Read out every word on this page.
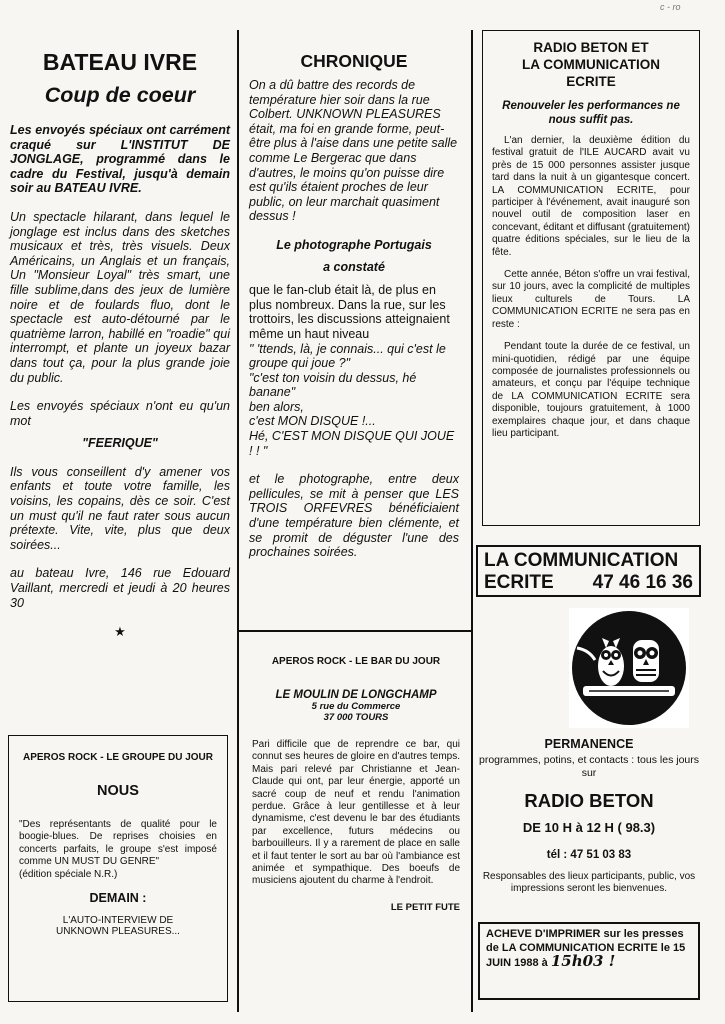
c - ro
BATEAU IVRE
Coup de coeur

Les envoyés spéciaux ont carrément craqué sur L'INSTITUT DE JONGLAGE, programmé dans le cadre du Festival, jusqu'à demain soir au BATEAU IVRE.

Un spectacle hilarant, dans lequel le jonglage est inclus dans des sketches musicaux et très, très visuels. Deux Américains, un Anglais et un français, Un "Monsieur Loyal" très smart, une fille sublime,dans des jeux de lumière noire et de foulards fluo, dont le spectacle est auto-détourné par le quatrième larron, habillé en "roadie" qui interrompt, et plante un joyeux bazar dans tout ça, pour la plus grande joie du public.

Les envoyés spéciaux n'ont eu qu'un mot

"FEERIQUE"

Ils vous conseillent d'y amener vos enfants et toute votre famille, les voisins, les copains, dès ce soir. C'est un must qu'il ne faut rater sous aucun prétexte. Vite, vite, plus que deux soirées...

au bateau Ivre, 146 rue Edouard Vaillant, mercredi et jeudi à 20 heures 30

★
APEROS ROCK - LE GROUPE DU JOUR
NOUS

"Des représentants de qualité pour le boogie-blues. De reprises choisies en concerts parfaits, le groupe s'est imposé comme UN MUST DU GENRE"

(édition spéciale N.R.)

DEMAIN :
L'AUTO-INTERVIEW DE
UNKNOWN PLEASURES...
CHRONIQUE

On a dû battre des records de température hier soir dans la rue Colbert. UNKNOWN PLEASURES était, ma foi en grande forme, peut-être plus à l'aise dans une petite salle comme Le Bergerac que dans d'autres, le moins qu'on puisse dire est qu'ils étaient proches de leur public, on leur marchait quasiment dessus !

Le photographe Portugais
a constaté

que le fan-club était là, de plus en plus nombreux. Dans la rue, sur les trottoirs, les discussions atteignaient même un haut niveau

" 'ttends, là, je connais... qui c'est le groupe qui joue ?"

"c'est ton voisin du dessus, hé banane"

ben alors,

c'est MON DISQUE !...

Hé, C'EST MON DISQUE QUI JOUE ! ! "

et le photographe, entre deux pellicules, se mit à penser que LES TROIS ORFEVRES bénéficiaient d'une température bien clémente, et se promit de déguster l'une des prochaines soirées.

APEROS ROCK - LE BAR DU JOUR
LE MOULIN DE LONGCHAMP
5 rue du Commerce
37 000 TOURS

Pari difficile que de reprendre ce bar, qui connut ses heures de gloire en d'autres temps. Mais pari relevé par Christianne et Jean-Claude qui ont, par leur énergie, apporté un sacré coup de neuf et rendu l'animation perdue. Grâce à leur gentillesse et à leur dynamisme, c'est devenu le bar des étudiants par excellence, futurs médecins ou barbouilleurs. Il y a rarement de place en salle et il faut tenter le sort au bar où l'ambiance est animée et sympathique. Des boeufs de musiciens ajoutent du charme à l'endroit.

LE PETIT FUTE
RADIO BETON ET
LA COMMUNICATION
ECRITE

Renouveler les performances ne nous suffit pas.

L'an dernier, la deuxième édition du festival gratuit de l'ILE AUCARD avait vu près de 15 000 personnes assister jusque tard dans la nuit à un gigantesque concert. LA COMMUNICATION ECRITE, pour participer à l'événement, avait inauguré son nouvel outil de composition laser en concevant, éditant et diffusant (gratuitement) quatre éditions spéciales, sur le lieu de la fête.

Cette année, Béton s'offre un vrai festival, sur 10 jours, avec la complicité de multiples lieux culturels de Tours. LA COMMUNICATION ECRITE ne sera pas en reste :

Pendant toute la durée de ce festival, un mini-quotidien, rédigé par une équipe composée de journalistes professionnels ou amateurs, et conçu par l'équipe technique de LA COMMUNICATION ECRITE sera disponible, toujours gratuitement, à 1000 exemplaires chaque jour, et dans chaque lieu participant.

LA COMMUNICATION
ECRITE 47 46 16 36
PERMANENCE

programmes, potins, et contacts : tous les jours sur

RADIO BETON
DE 10 H à 12 H ( 98.3)
tél : 47 51 03 83

Responsables des lieux participants, public, vos impressions seront les bienvenues.

ACHEVE D'IMPRIMER sur les presses de LA COMMUNICATION ECRITE le 15 JUIN 1988 à 15h03 !
